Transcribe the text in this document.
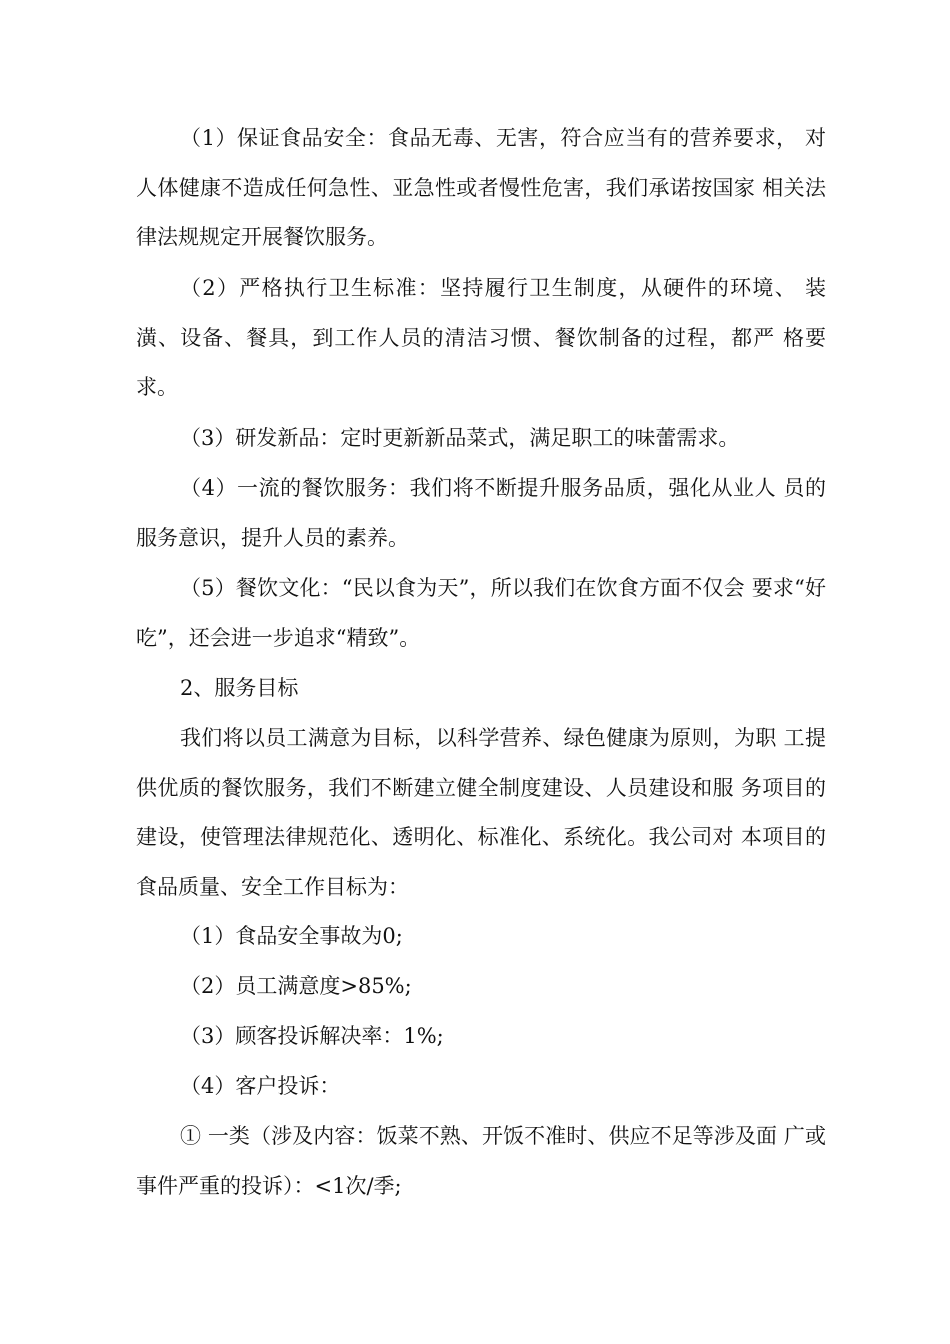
（1）保证食品安全：食品无毒、无害，符合应当有的营养要求， 对人体健康不造成任何急性、亚急性或者慢性危害，我们承诺按国家 相关法律法规规定开展餐饮服务。

（2）严格执行卫生标准：坚持履行卫生制度，从硬件的环境、 装潢、设备、餐具，到工作人员的清洁习惯、餐饮制备的过程，都严 格要求。

（3）研发新品：定时更新新品菜式，满足职工的味蕾需求。

（4）一流的餐饮服务：我们将不断提升服务品质，强化从业人 员的服务意识，提升人员的素养。

（5）餐饮文化：“民以食为天”，所以我们在饮食方面不仅会 要求“好吃”，还会进一步追求“精致”。

2、服务目标

我们将以员工满意为目标，以科学营养、绿色健康为原则，为职 工提供优质的餐饮服务，我们不断建立健全制度建设、人员建设和服 务项目的建设，使管理法律规范化、透明化、标准化、系统化。我公司对 本项目的食品质量、安全工作目标为：

（1）食品安全事故为0;

（2）员工满意度>85%;

（3）顾客投诉解决率：1%;

（4）客户投诉：

① 一类（涉及内容：饭菜不熟、开饭不准时、供应不足等涉及面 广或事件严重的投诉）：<1次/季;
